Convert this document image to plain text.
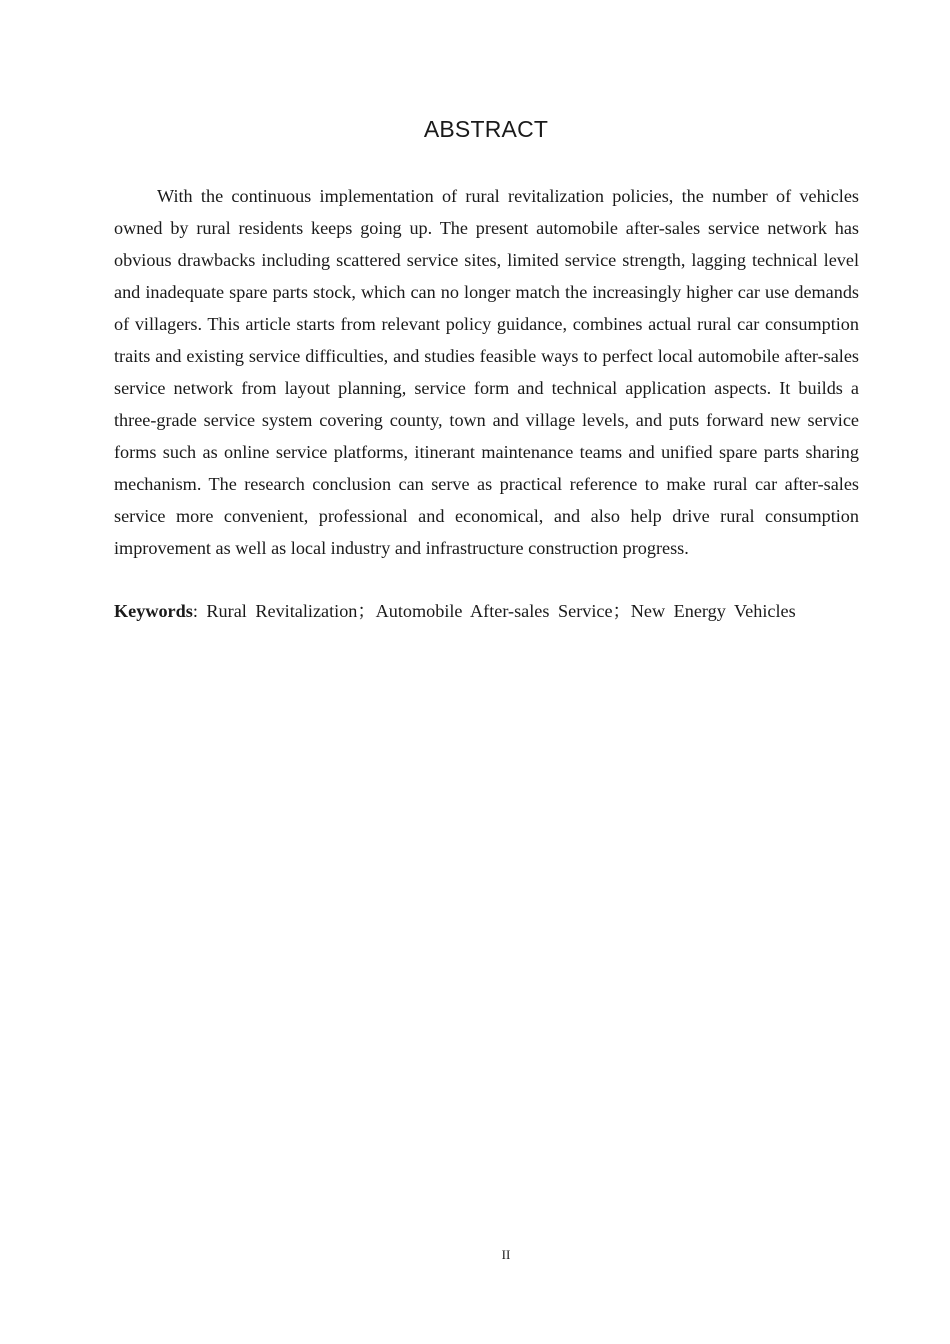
ABSTRACT

With the continuous implementation of rural revitalization policies, the number of vehicles owned by rural residents keeps going up. The present automobile after-sales service network has obvious drawbacks including scattered service sites, limited service strength, lagging technical level and inadequate spare parts stock, which can no longer match the increasingly higher car use demands of villagers. This article starts from relevant policy guidance, combines actual rural car consumption traits and existing service difficulties, and studies feasible ways to perfect local automobile after-sales service network from layout planning, service form and technical application aspects. It builds a three-grade service system covering county, town and village levels, and puts forward new service forms such as online service platforms, itinerant maintenance teams and unified spare parts sharing mechanism. The research conclusion can serve as practical reference to make rural car after-sales service more convenient, professional and economical, and also help drive rural consumption improvement as well as local industry and infrastructure construction progress.

Keywords: Rural Revitalization；Automobile After-sales Service；New Energy Vehicles

II
